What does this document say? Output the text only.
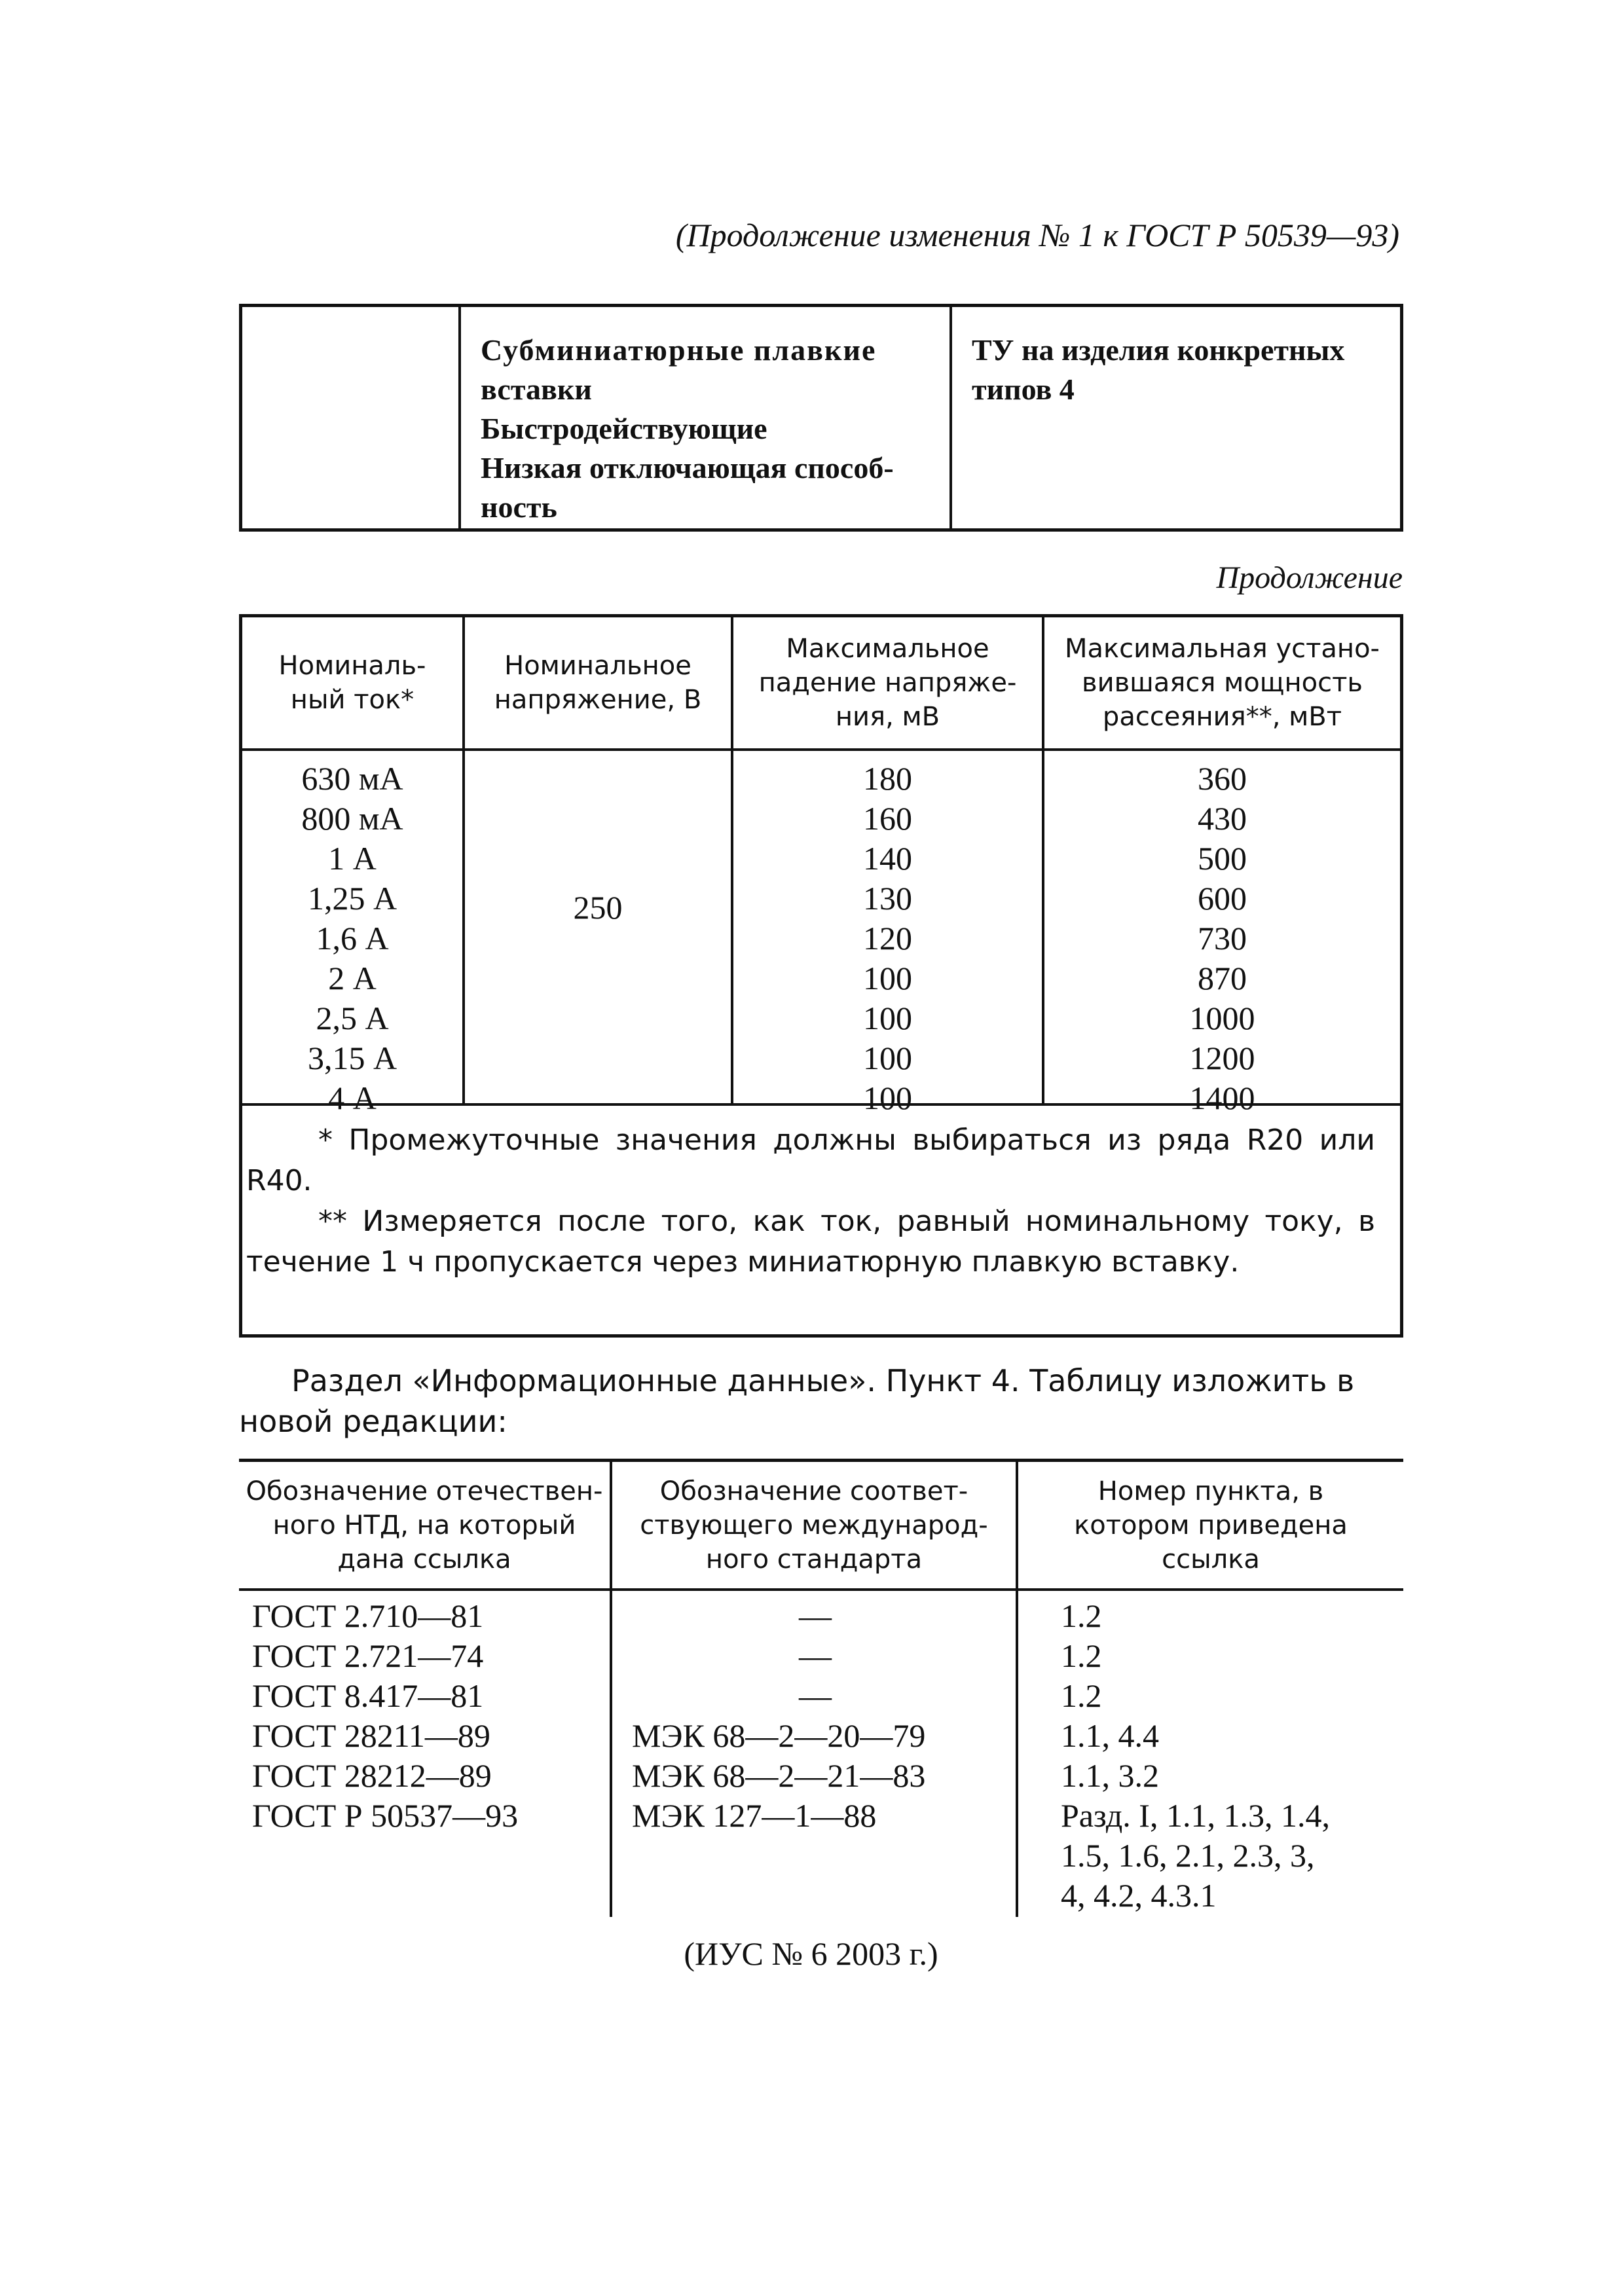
(Продолжение изменения № 1 к ГОСТ Р 50539—93)
Субминиатюрные плавкие
вставки
Быстродействующие
Низкая отключающая способ-
ность
ТУ на изделия конкретных
типов 4
Продолжение
Номиналь-
ный ток*
Номинальное
напряжение, В
Максимальное
падение напряже-
ния, мВ
Максимальная устано-
вившаяся мощность
рассеяния**, мВт
630 мА
800 мА
1 А
1,25 А
1,6 А
2 А
2,5 А
3,15 А
4 А
250
180
160
140
130
120
100
100
100
100
360
430
500
600
730
870
1000
1200
1400
* Промежуточные значения должны выбираться из ряда R20 или R40.
** Измеряется после того, как ток, равный номинальному току, в течение 1 ч пропускается через миниатюрную плавкую вставку.
Раздел «Информационные данные». Пункт 4. Таблицу изложить в новой редакции:
Обозначение отечествен-
ного НТД, на который
дана ссылка
Обозначение соответ-
ствующего международ-
ного стандарта
Номер пункта, в
котором приведена
ссылка
ГОСТ 2.710—81
ГОСТ 2.721—74
ГОСТ 8.417—81
ГОСТ 28211—89
ГОСТ 28212—89
ГОСТ Р 50537—93
—
—
—
МЭК 68—2—20—79
МЭК 68—2—21—83
МЭК 127—1—88
1.2
1.2
1.2
1.1, 4.4
1.1, 3.2
Разд. I, 1.1, 1.3, 1.4,
1.5, 1.6, 2.1, 2.3, 3,
4, 4.2, 4.3.1
(ИУС № 6 2003 г.)
